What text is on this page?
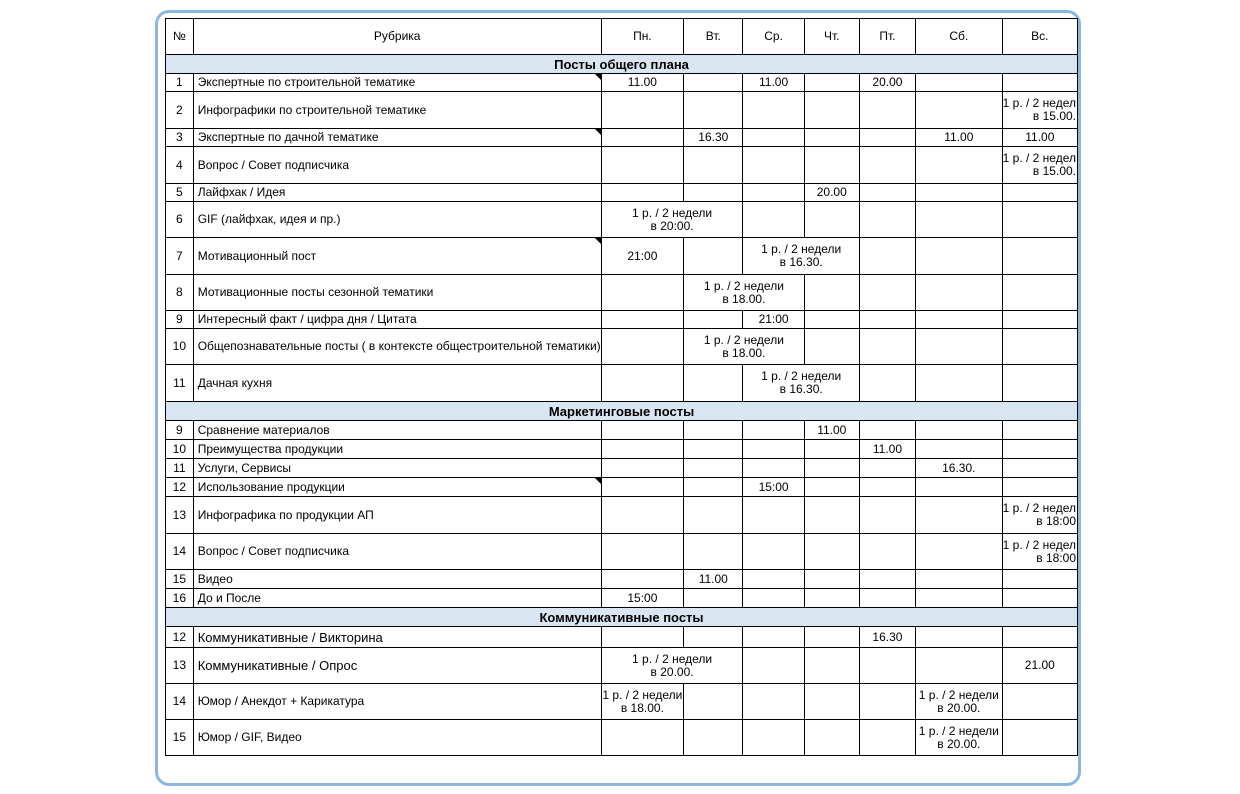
№	Рубрика	Пн.	Вт.	Ср.	Чт.	Пт.	Сб.	Вс.
Посты общего плана								
1	Экспертные по строительной тематике	11.00		11.00		20.00		

2	Инфографики по строительной тематике							1 р. / 2 недел
в 15.00.

3	Экспертные по дачной тематике		16.30				11.00	11.00

4	Вопрос / Совет подписчика							1 р. / 2 недел
в 15.00.

5	Лайфхак / Идея				20.00			

6	GIF (лайфхак, идея и пр.)	1 р. / 2 недели
в 20:00.						

7	Мотивационный пост	21:00		1 р. / 2 недели
в 16.30.				

8	Мотивационные посты сезонной тематики		1 р. / 2 недели
в 18.00.					

9	Интересный факт / цифра дня / Цитата			21:00				

10	Общепознавательные посты ( в контексте общестроительной тематики)		1 р. / 2 недели
в 18.00.					

11	Дачная кухня			1 р. / 2 недели
в 16.30.				

Маркетинговые посты								
9	Сравнение материалов				11.00			

10	Преимущества продукции					11.00		

11	Услуги, Сервисы						16.30.	

12	Использование продукции			15:00				

13	Инфографика по продукции АП							1 р. / 2 недел
в 18:00

14	Вопрос / Совет подписчика							1 р. / 2 недел
в 18:00

15	Видео		11.00					

16	До и После	15:00						

Коммуникативные посты								
12	Коммуникативные / Викторина					16.30		

13	Коммуникативные / Опрос	1 р. / 2 недели
в 20.00.						21.00

14	Юмор / Анекдот + Карикатура	1 р. / 2 недели
в 18.00.					1 р. / 2 недели
в 20.00.	

15	Юмор / GIF, Видео						1 р. / 2 недели
в 20.00.	
